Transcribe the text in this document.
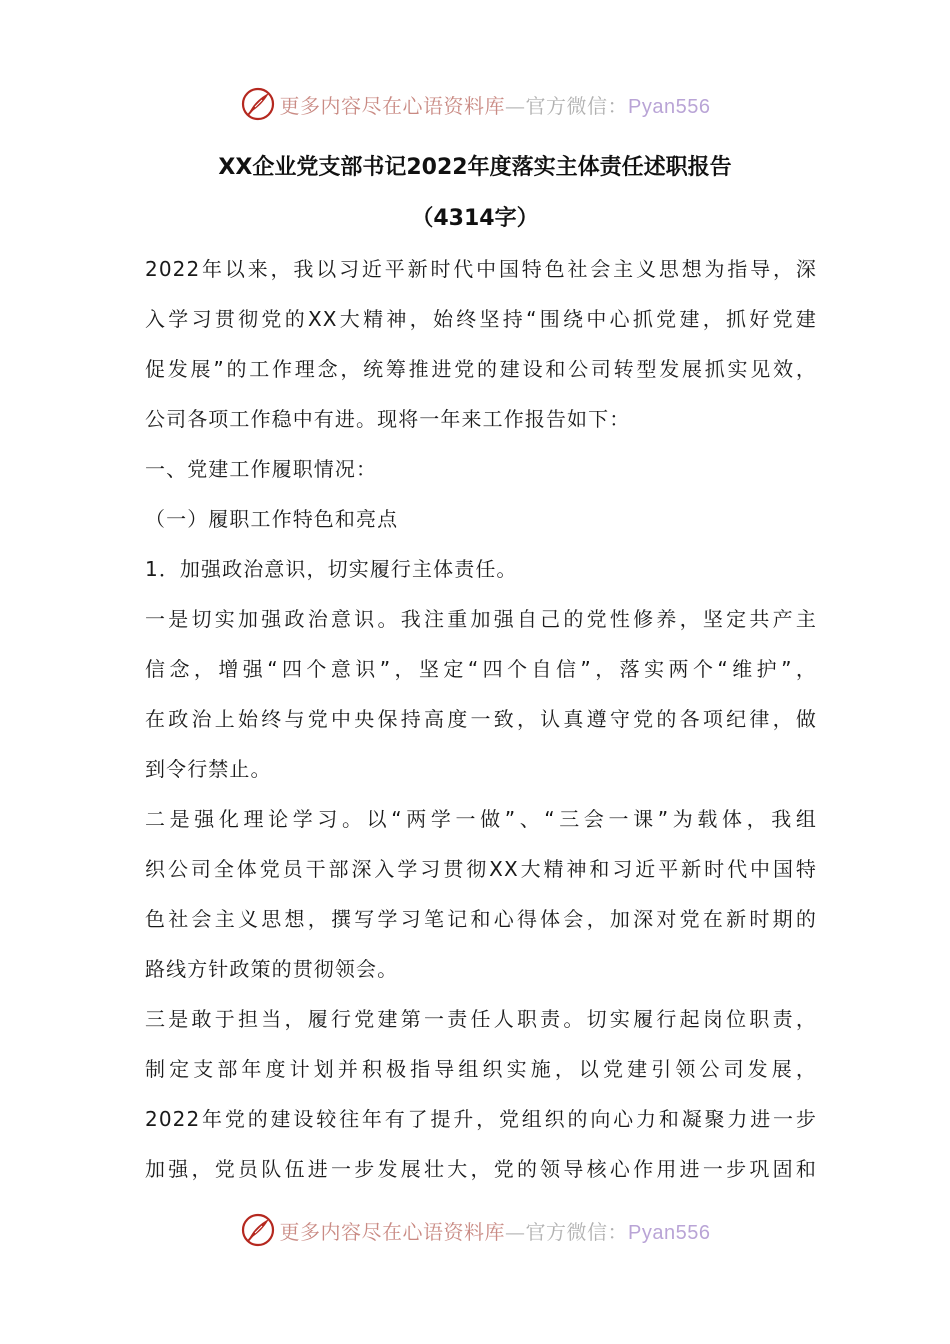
更多内容尽在心语资料库—官方微信：Pyan556
XX企业党支部书记2022年度落实主体责任述职报告
（4314字）
2022年以来，我以习近平新时代中国特色社会主义思想为指导，深
入学习贯彻党的XX大精神，始终坚持“围绕中心抓党建，抓好党建
促发展”的工作理念，统筹推进党的建设和公司转型发展抓实见效，
公司各项工作稳中有进。现将一年来工作报告如下：
一、党建工作履职情况：
（一）履职工作特色和亮点
1．加强政治意识，切实履行主体责任。
一是切实加强政治意识。我注重加强自己的党性修养，坚定共产主
信念，增强“四个意识”，坚定“四个自信”，落实两个“维护”，
在政治上始终与党中央保持高度一致，认真遵守党的各项纪律，做
到令行禁止。
二是强化理论学习。以“两学一做”、“三会一课”为载体，我组
织公司全体党员干部深入学习贯彻XX大精神和习近平新时代中国特
色社会主义思想，撰写学习笔记和心得体会，加深对党在新时期的
路线方针政策的贯彻领会。
三是敢于担当，履行党建第一责任人职责。切实履行起岗位职责，
制定支部年度计划并积极指导组织实施，以党建引领公司发展，
2022年党的建设较往年有了提升，党组织的向心力和凝聚力进一步
加强，党员队伍进一步发展壮大，党的领导核心作用进一步巩固和
更多内容尽在心语资料库—官方微信：Pyan556
